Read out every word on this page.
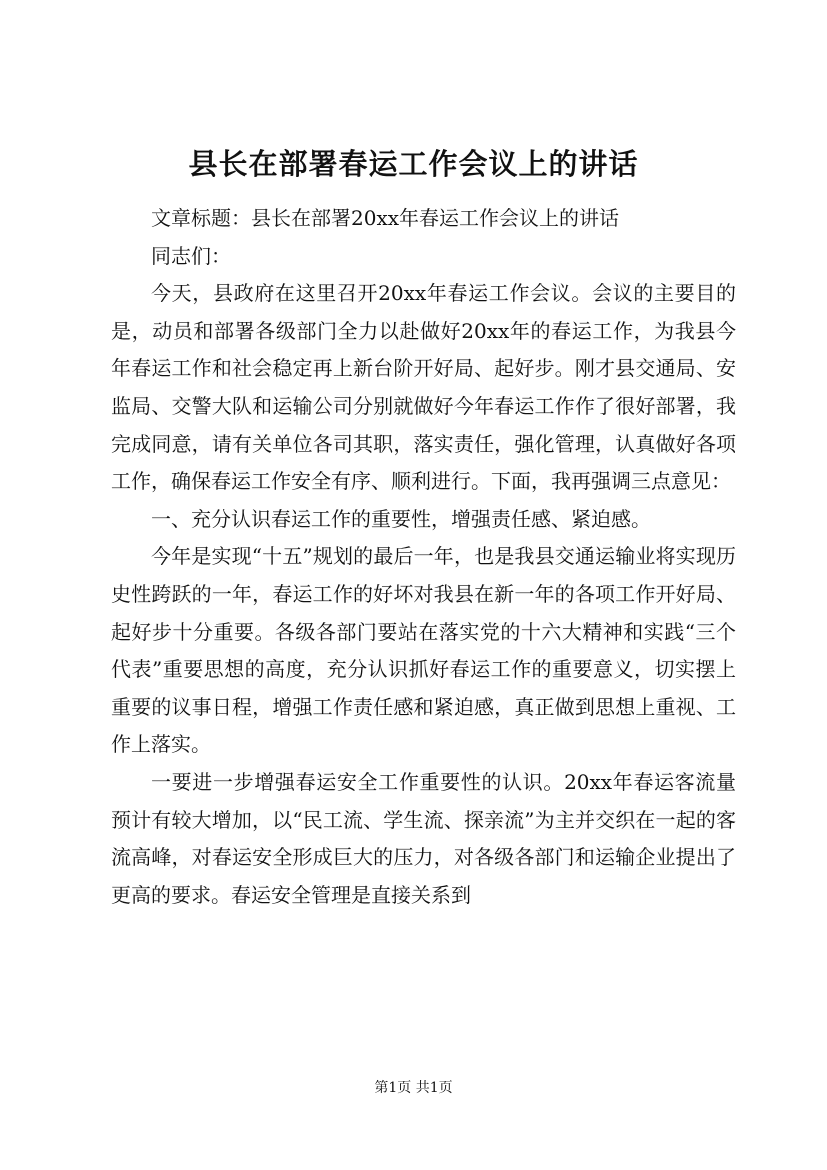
县长在部署春运工作会议上的讲话

文章标题：县长在部署20xx年春运工作会议上的讲话

同志们：

今天，县政府在这里召开20xx年春运工作会议。会议的主要目的是，动员和部署各级部门全力以赴做好20xx年的春运工作，为我县今年春运工作和社会稳定再上新台阶开好局、起好步。刚才县交通局、安监局、交警大队和运输公司分别就做好今年春运工作作了很好部署，我完成同意，请有关单位各司其职，落实责任，强化管理，认真做好各项工作，确保春运工作安全有序、顺利进行。下面，我再强调三点意见：

一、充分认识春运工作的重要性，增强责任感、紧迫感。

今年是实现“十五”规划的最后一年，也是我县交通运输业将实现历史性跨跃的一年，春运工作的好坏对我县在新一年的各项工作开好局、起好步十分重要。各级各部门要站在落实党的十六大精神和实践“三个代表”重要思想的高度，充分认识抓好春运工作的重要意义，切实摆上重要的议事日程，增强工作责任感和紧迫感，真正做到思想上重视、工作上落实。

一要进一步增强春运安全工作重要性的认识。20xx年春运客流量预计有较大增加，以“民工流、学生流、探亲流”为主并交织在一起的客流高峰，对春运安全形成巨大的压力，对各级各部门和运输企业提出了更高的要求。春运安全管理是直接关系到

第1页 共1页
